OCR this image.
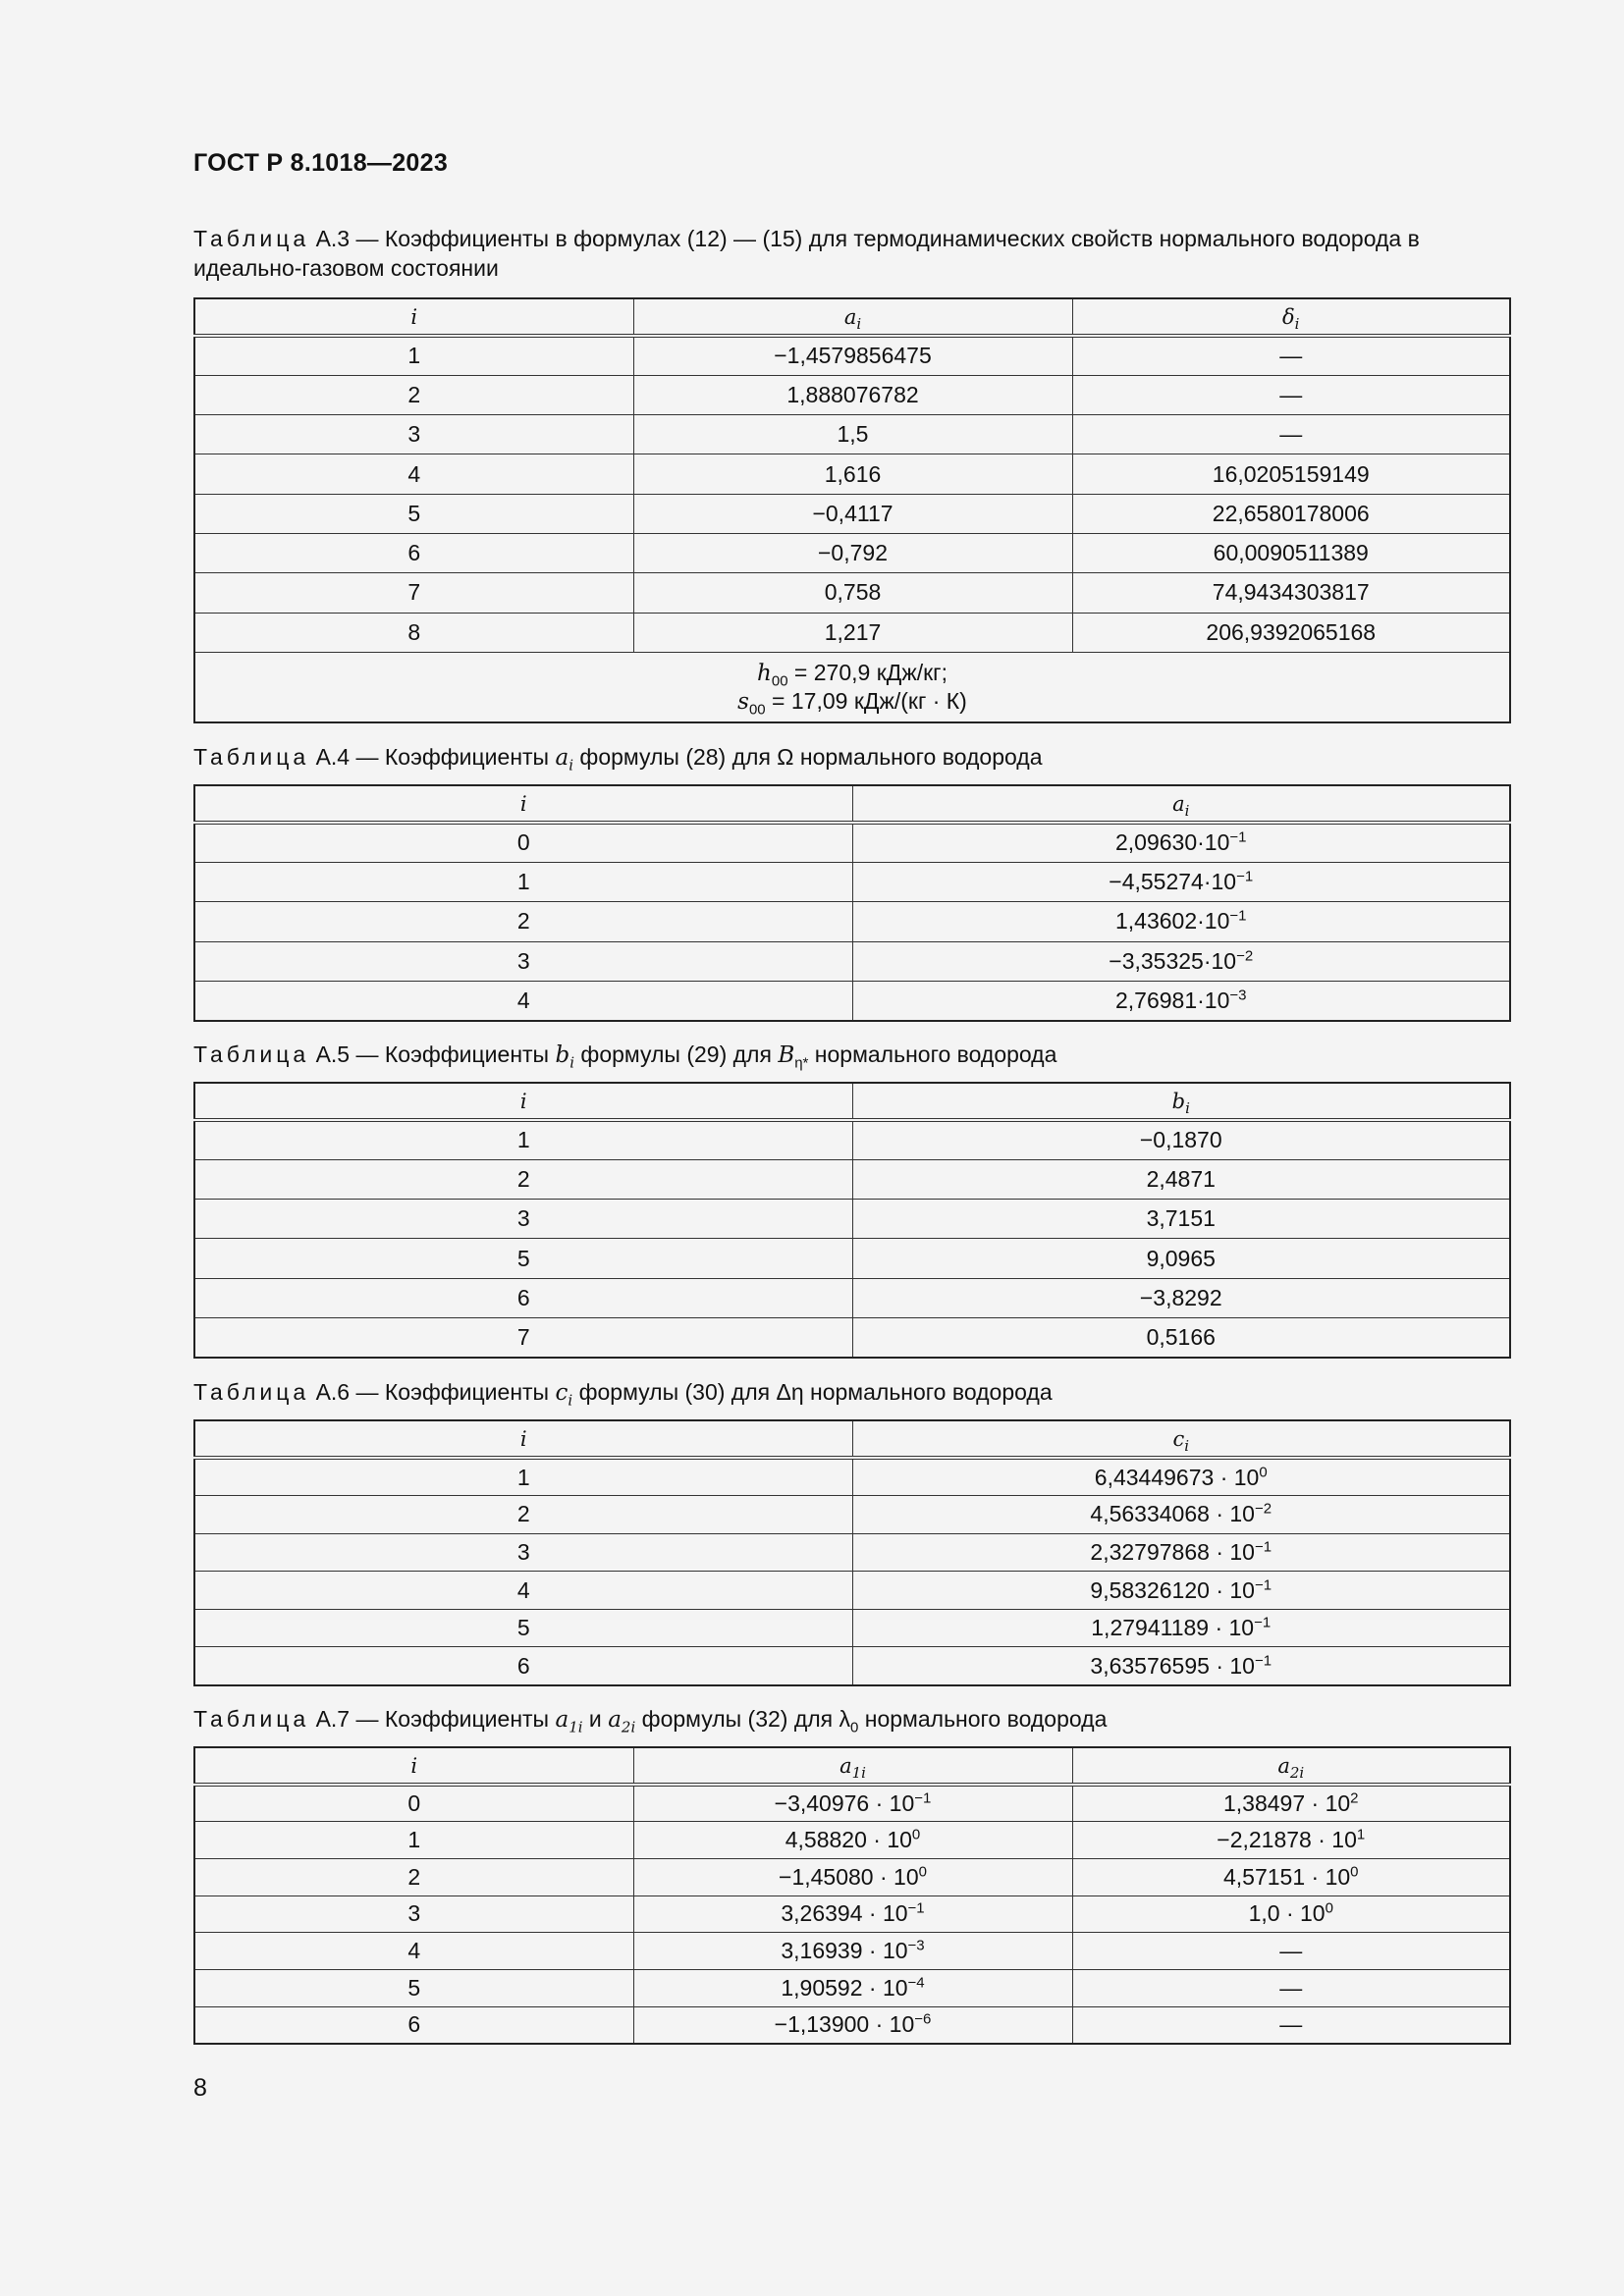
ГОСТ Р 8.1018—2023
Таблица А.3 — Коэффициенты в формулах (12) — (15) для термодинамических свойств нормального водорода в идеально-газовом состоянии
i	$a_i$	$\delta_i$
1	−1,4579856475	—
2	1,888076782	—
3	1,5	—
4	1,616	16,0205159149
5	−0,4117	22,6580178006
6	−0,792	60,0090511389
7	0,758	74,9434303817
8	1,217	206,9392065168

$h_{00} = 270,9$ кДж/кг;
$s_{00} = 17,09$ кДж/(кг · К)		
Таблица А.4 — Коэффициенты $a_i$ формулы (28) для Ω нормального водорода
i	$a_i$
0	$2,09630\cdot 10^{-1}$
1	$-4,55274\cdot 10^{-1}$
2	$1,43602\cdot 10^{-1}$
3	$-3,35325\cdot 10^{-2}$
4	$2,76981\cdot 10^{-3}$
Таблица А.5 — Коэффициенты $b_i$ формулы (29) для $B_{\eta*}$ нормального водорода
i	$b_i$
1	−0,1870
2	2,4871
3	3,7151
5	9,0965
6	−3,8292
7	0,5166
Таблица А.6 — Коэффициенты $c_i$ формулы (30) для Δη нормального водорода
i	$c_i$
1	$6,43449673 \cdot 10^0$
2	$4,56334068 \cdot 10^{-2}$
3	$2,32797868 \cdot 10^{-1}$
4	$9,58326120 \cdot 10^{-1}$
5	$1,27941189 \cdot 10^{-1}$
6	$3,63576595 \cdot 10^{-1}$
Таблица А.7 — Коэффициенты $a_{1i}$ и $a_{2i}$ формулы (32) для $\lambda_0$ нормального водорода
i	$a_{1i}$	$a_{2i}$
0	$-3,40976 \cdot 10^{-1}$	$1,38497 \cdot 10^2$
1	$4,58820 \cdot 10^0$	$-2,21878 \cdot 10^1$
2	$-1,45080 \cdot 10^0$	$4,57151 \cdot 10^0$
3	$3,26394 \cdot 10^{-1}$	$1,0 \cdot 10^0$
4	$3,16939 \cdot 10^{-3}$	—
5	$1,90592 \cdot 10^{-4}$	—
6	$-1,13900 \cdot 10^{-6}$	—
8
